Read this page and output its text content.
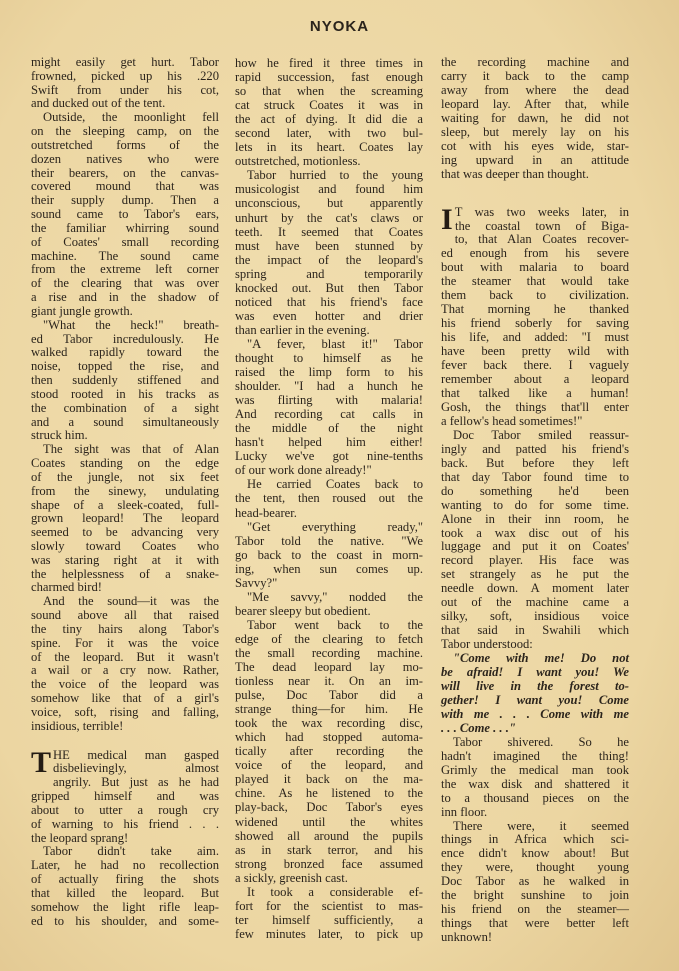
NYOKA
might easily get hurt. Tabor
frowned, picked up his .220
Swift from under his cot,
and ducked out of the tent.
Outside, the moonlight fell
on the sleeping camp, on the
outstretched forms of the
dozen natives who were
their bearers, on the canvas-
covered mound that was
their supply dump. Then a
sound came to Tabor's ears,
the familiar whirring sound
of Coates' small recording
machine. The sound came
from the extreme left corner
of the clearing that was over
a rise and in the shadow of
giant jungle growth.
"What the heck!" breath-
ed Tabor incredulously. He
walked rapidly toward the
noise, topped the rise, and
then suddenly stiffened and
stood rooted in his tracks as
the combination of a sight
and a sound simultaneously
struck him.
The sight was that of Alan
Coates standing on the edge
of the jungle, not six feet
from the sinewy, undulating
shape of a sleek-coated, full-
grown leopard! The leopard
seemed to be advancing very
slowly toward Coates who
was staring right at it with
the helplessness of a snake-
charmed bird!
And the sound—it was the
sound above all that raised
the tiny hairs along Tabor's
spine. For it was the voice
of the leopard. But it wasn't
a wail or a cry now. Rather,
the voice of the leopard was
somehow like that of a girl's
voice, soft, rising and falling,
insidious, terrible!
T HE medical man gasped
disbelievingly, almost
angrily. But just as he had
gripped himself and was
about to utter a rough cry
of warning to his friend . . .
the leopard sprang!
Tabor didn't take aim.
Later, he had no recollection
of actually firing the shots
that killed the leopard. But
somehow the light rifle leap-
ed to his shoulder, and some-
how he fired it three times in
rapid succession, fast enough
so that when the screaming
cat struck Coates it was in
the act of dying. It did die a
second later, with two bul-
lets in its heart. Coates lay
outstretched, motionless.
Tabor hurried to the young
musicologist and found him
unconscious, but apparently
unhurt by the cat's claws or
teeth. It seemed that Coates
must have been stunned by
the impact of the leopard's
spring and temporarily
knocked out. But then Tabor
noticed that his friend's face
was even hotter and drier
than earlier in the evening.
"A fever, blast it!" Tabor
thought to himself as he
raised the limp form to his
shoulder. "I had a hunch he
was flirting with malaria!
And recording cat calls in
the middle of the night
hasn't helped him either!
Lucky we've got nine-tenths
of our work done already!"
He carried Coates back to
the tent, then roused out the
head-bearer.
"Get everything ready,"
Tabor told the native. "We
go back to the coast in morn-
ing, when sun comes up.
Savvy?"
"Me savvy," nodded the
bearer sleepy but obedient.
Tabor went back to the
edge of the clearing to fetch
the small recording machine.
The dead leopard lay mo-
tionless near it. On an im-
pulse, Doc Tabor did a
strange thing—for him. He
took the wax recording disc,
which had stopped automa-
tically after recording the
voice of the leopard, and
played it back on the ma-
chine. As he listened to the
play-back, Doc Tabor's eyes
widened until the whites
showed all around the pupils
as in stark terror, and his
strong bronzed face assumed
a sickly, greenish cast.
It took a considerable ef-
fort for the scientist to mas-
ter himself sufficiently, a
few minutes later, to pick up
the recording machine and
carry it back to the camp
away from where the dead
leopard lay. After that, while
waiting for dawn, he did not
sleep, but merely lay on his
cot with his eyes wide, star-
ing upward in an attitude
that was deeper than thought.
I T was two weeks later, in
the coastal town of Biga-
to, that Alan Coates recover-
ed enough from his severe
bout with malaria to board
the steamer that would take
them back to civilization.
That morning he thanked
his friend soberly for saving
his life, and added: "I must
have been pretty wild with
fever back there. I vaguely
remember about a leopard
that talked like a human!
Gosh, the things that'll enter
a fellow's head sometimes!"
Doc Tabor smiled reassur-
ingly and patted his friend's
back. But before they left
that day Tabor found time to
do something he'd been
wanting to do for some time.
Alone in their inn room, he
took a wax disc out of his
luggage and put it on Coates'
record player. His face was
set strangely as he put the
needle down. A moment later
out of the machine came a
silky, soft, insidious voice
that said in Swahili which
Tabor understood:
"Come with me! Do not
be afraid! I want you! We
will live in the forest to-
gether! I want you! Come
with me . . . Come with me
. . . Come . . ."
Tabor shivered. So he
hadn't imagined the thing!
Grimly the medical man took
the wax disk and shattered it
to a thousand pieces on the
inn floor.
There were, it seemed
things in Africa which sci-
ence didn't know about! But
they were, thought young
Doc Tabor as he walked in
the bright sunshine to join
his friend on the steamer—
things that were better left
unknown!
